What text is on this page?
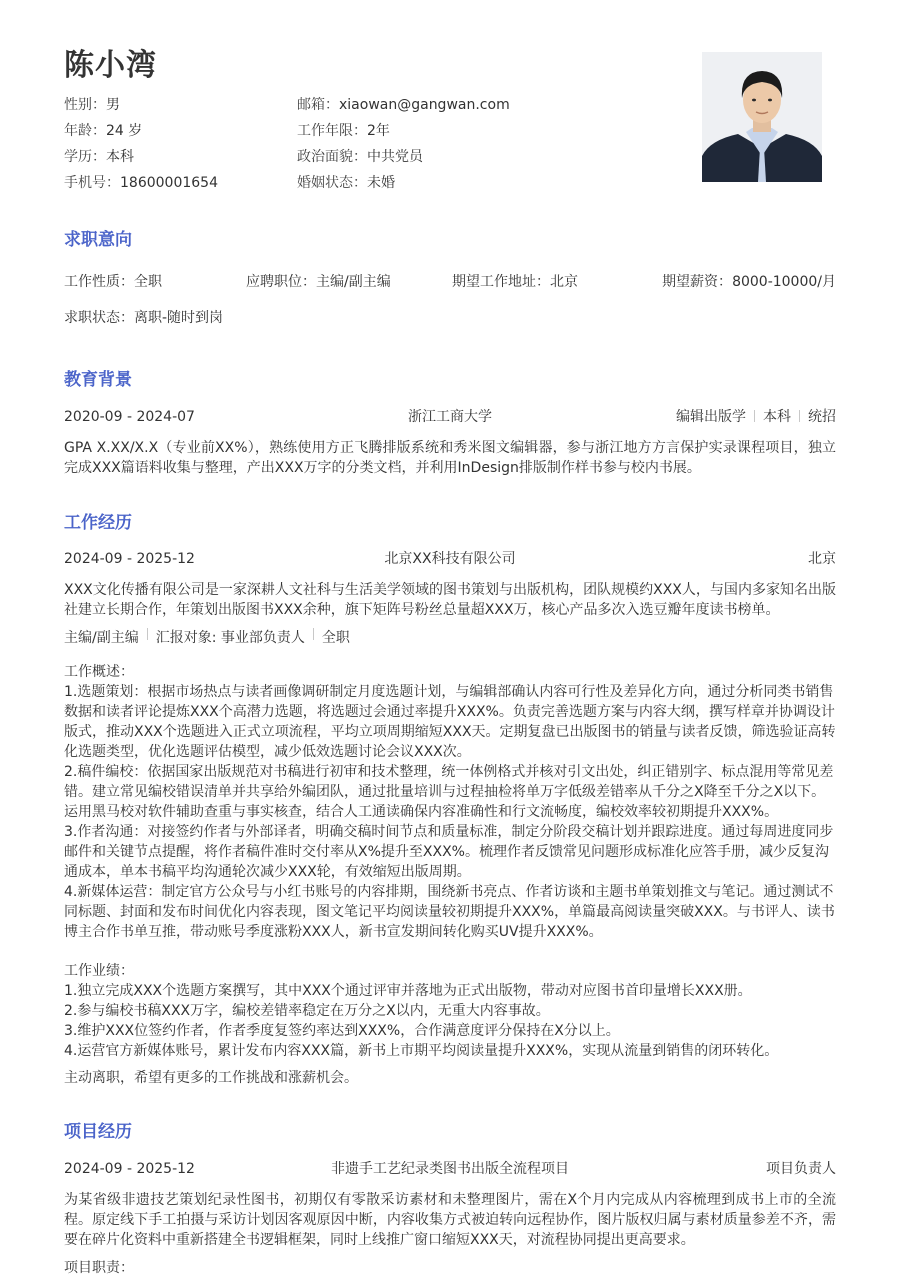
陈小湾
性别：男	邮箱：xiaowan@gangwan.com
年龄：24 岁	工作年限：2年
学历：本科	政治面貌：中共党员
手机号：18600001654	婚姻状态：未婚
求职意向
工作性质：全职	应聘职位：主编/副主编	期望工作地址：北京	期望薪资：8000-10000/月
求职状态：离职-随时到岗
教育背景
2020-09 - 2024-07	浙江工商大学	编辑出版学 本科 统招
GPA X.XX/X.X（专业前XX%），熟练使用方正飞腾排版系统和秀米图文编辑器，参与浙江地方方言保护实录课程项目，独立完成XXX篇语料收集与整理，产出XXX万字的分类文档，并利用InDesign排版制作样书参与校内书展。
工作经历
2024-09 - 2025-12	北京XX科技有限公司	北京
XXX文化传播有限公司是一家深耕人文社科与生活美学领域的图书策划与出版机构，团队规模约XXX人，与国内多家知名出版社建立长期合作，年策划出版图书XXX余种，旗下矩阵号粉丝总量超XXX万，核心产品多次入选豆瓣年度读书榜单。
主编/副主编 汇报对象: 事业部负责人 全职
工作概述：
1.选题策划：根据市场热点与读者画像调研制定月度选题计划，与编辑部确认内容可行性及差异化方向，通过分析同类书销售
数据和读者评论提炼XXX个高潜力选题，将选题过会通过率提升XXX%。负责完善选题方案与内容大纲，撰写样章并协调设计
版式，推动XXX个选题进入正式立项流程，平均立项周期缩短XXX天。定期复盘已出版图书的销量与读者反馈，筛选验证高转
化选题类型，优化选题评估模型，减少低效选题讨论会议XXX次。
2.稿件编校：依据国家出版规范对书稿进行初审和技术整理，统一体例格式并核对引文出处，纠正错别字、标点混用等常见差
错。建立常见编校错误清单并共享给外编团队，通过批量培训与过程抽检将单万字低级差错率从千分之X降至千分之X以下。
运用黑马校对软件辅助查重与事实核查，结合人工通读确保内容准确性和行文流畅度，编校效率较初期提升XXX%。
3.作者沟通：对接签约作者与外部译者，明确交稿时间节点和质量标准，制定分阶段交稿计划并跟踪进度。通过每周进度同步
邮件和关键节点提醒，将作者稿件准时交付率从X%提升至XXX%。梳理作者反馈常见问题形成标准化应答手册，减少反复沟
通成本，单本书稿平均沟通轮次减少XXX轮，有效缩短出版周期。
4.新媒体运营：制定官方公众号与小红书账号的内容排期，围绕新书亮点、作者访谈和主题书单策划推文与笔记。通过测试不
同标题、封面和发布时间优化内容表现，图文笔记平均阅读量较初期提升XXX%，单篇最高阅读量突破XXX。与书评人、读书
博主合作书单互推，带动账号季度涨粉XXX人，新书宣发期间转化购买UV提升XXX%。
工作业绩：
1.独立完成XXX个选题方案撰写，其中XXX个通过评审并落地为正式出版物，带动对应图书首印量增长XXX册。
2.参与编校书稿XXX万字，编校差错率稳定在万分之X以内，无重大内容事故。
3.维护XXX位签约作者，作者季度复签约率达到XXX%，合作满意度评分保持在X分以上。
4.运营官方新媒体账号，累计发布内容XXX篇，新书上市期平均阅读量提升XXX%，实现从流量到销售的闭环转化。
主动离职，希望有更多的工作挑战和涨薪机会。
项目经历
2024-09 - 2025-12	非遗手工艺纪录类图书出版全流程项目	项目负责人
为某省级非遗技艺策划纪录性图书，初期仅有零散采访素材和未整理图片，需在X个月内完成从内容梳理到成书上市的全流程。原定线下手工拍摄与采访计划因客观原因中断，内容收集方式被迫转向远程协作，图片版权归属与素材质量参差不齐，需要在碎片化资料中重新搭建全书逻辑框架，同时上线推广窗口缩短XXX天，对流程协同提出更高要求。
项目职责：
